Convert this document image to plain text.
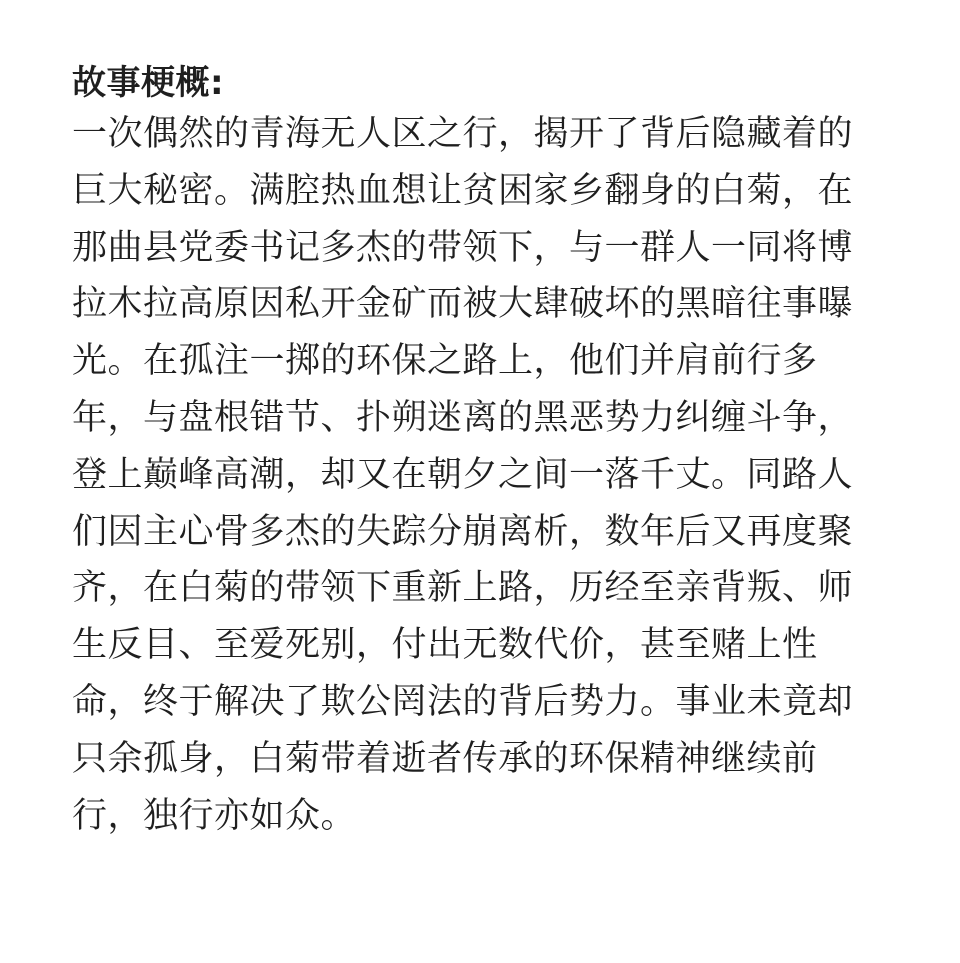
故事梗概:
一次偶然的青海无人区之行，揭开了背后隐藏着的
巨大秘密。满腔热血想让贫困家乡翻身的白菊，在
那曲县党委书记多杰的带领下，与一群人一同将博
拉木拉高原因私开金矿而被大肆破坏的黑暗往事曝
光。在孤注一掷的环保之路上，他们并肩前行多
年，与盘根错节、扑朔迷离的黑恶势力纠缠斗争，
登上巅峰高潮，却又在朝夕之间一落千丈。同路人
们因主心骨多杰的失踪分崩离析，数年后又再度聚
齐，在白菊的带领下重新上路，历经至亲背叛、师
生反目、至爱死别，付出无数代价，甚至赌上性
命，终于解决了欺公罔法的背后势力。事业未竟却
只余孤身，白菊带着逝者传承的环保精神继续前
行，独行亦如众。
